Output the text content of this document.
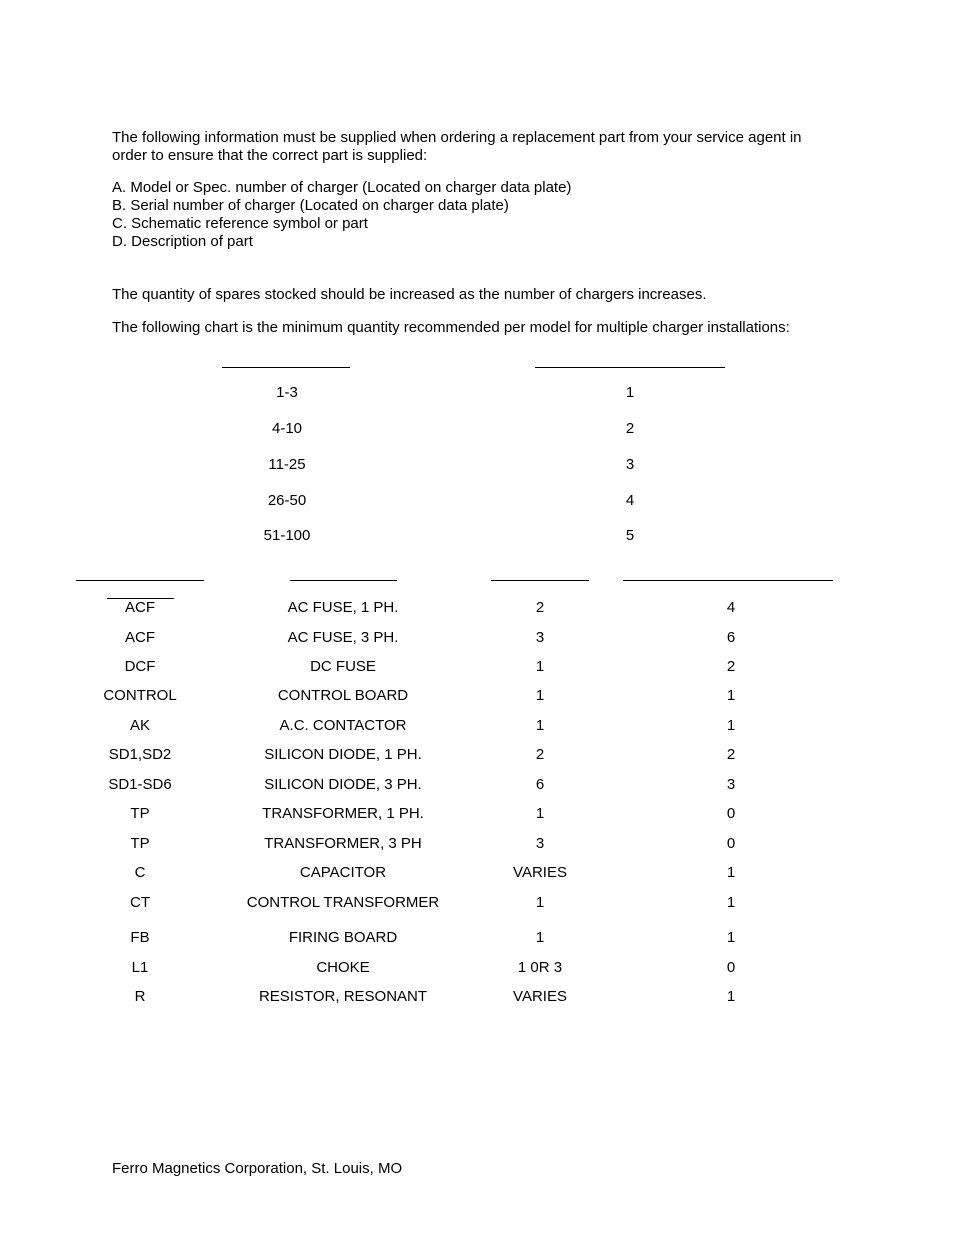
The following information must be supplied when ordering a replacement part from your service agent in
order to ensure that the correct part is supplied:
A. Model or Spec. number of charger (Located on charger data plate)
B. Serial number of charger (Located on charger data plate)
C. Schematic reference symbol or part
D. Description of part
The quantity of spares stocked should be increased as the number of chargers increases.
The following chart is the minimum quantity recommended per model for multiple charger installations:
1-3	1
4-10	2
11-25	3
26-50	4
51-100	5
ACF	AC FUSE, 1 PH.	2	4
ACF	AC FUSE, 3 PH.	3	6
DCF	DC FUSE	1	2
CONTROL	CONTROL BOARD	1	1
AK	A.C. CONTACTOR	1	1
SD1,SD2	SILICON DIODE, 1 PH.	2	2
SD1-SD6	SILICON DIODE, 3 PH.	6	3
TP	TRANSFORMER, 1 PH.	1	0
TP	TRANSFORMER, 3 PH	3	0
C	CAPACITOR	VARIES	1
CT	CONTROL TRANSFORMER	1	1
FB	FIRING BOARD	1	1
L1	CHOKE	1 0R 3	0
R	RESISTOR, RESONANT	VARIES	1
Ferro Magnetics Corporation, St. Louis, MO
